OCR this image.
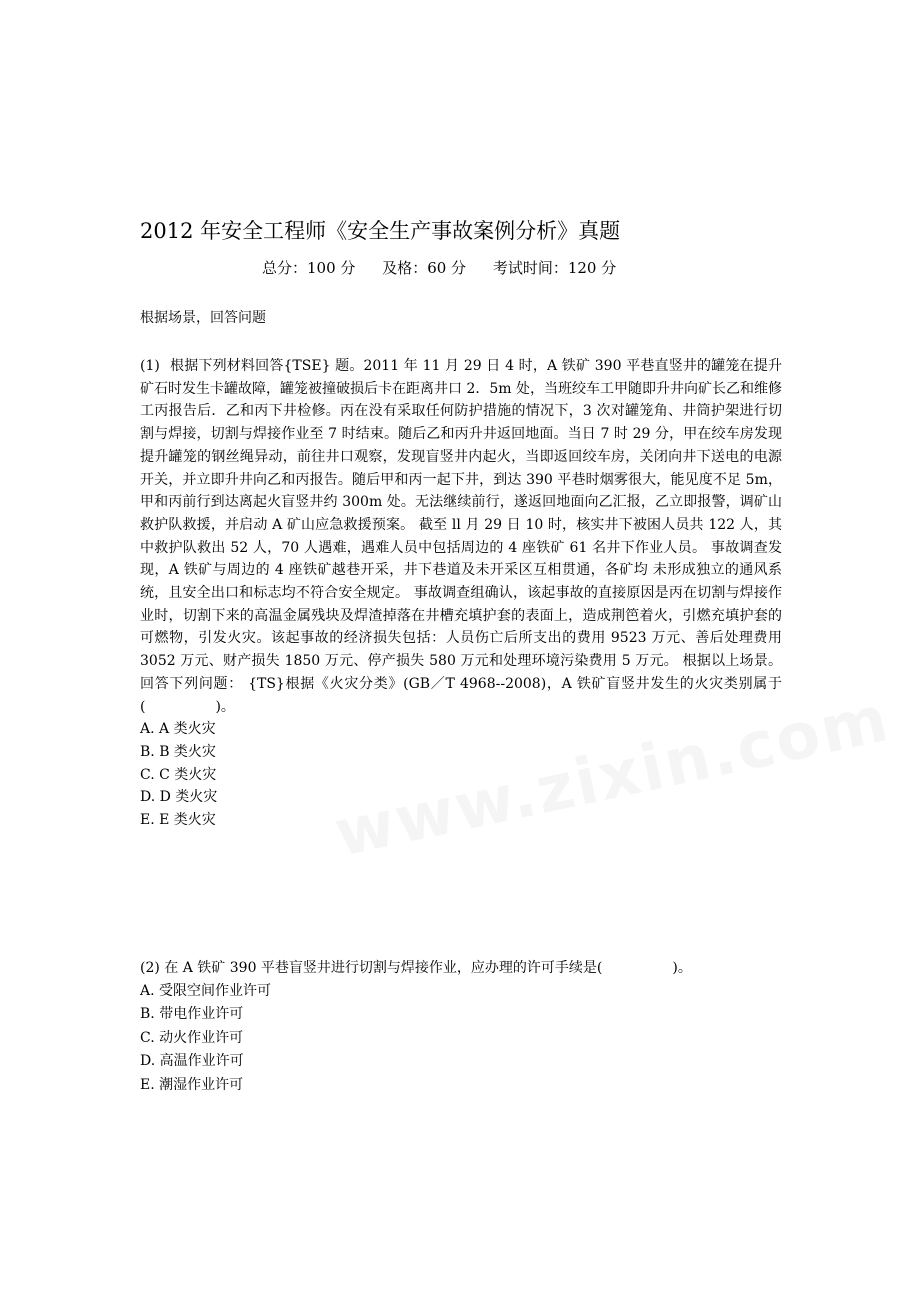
2012 年安全工程师《安全生产事故案例分析》真题
总分：100 分 及格：60 分 考试时间：120 分
根据场景，回答问题
(1) 根据下列材料回答{TSE} 题。2011 年 11 月 29 日 4 时，A 铁矿 390 平巷直竖井的罐笼在提升矿石时发生卡罐故障，罐笼被撞破损后卡在距离井口 2．5m 处，当班绞车工甲随即升井向矿长乙和维修工丙报告后．乙和丙下井检修。丙在没有采取任何防护措施的情况下，3 次对罐笼角、井筒护架进行切割与焊接，切割与焊接作业至 7 时结束。随后乙和丙升井返回地面。当日 7 时 29 分，甲在绞车房发现提升罐笼的钢丝绳异动，前往井口观察，发现盲竖井内起火，当即返回绞车房，关闭向井下送电的电源开关，并立即升井向乙和丙报告。随后甲和丙一起下井，到达 390 平巷时烟雾很大，能见度不足 5m，甲和丙前行到达离起火盲竖井约 300m 处。无法继续前行，遂返回地面向乙汇报，乙立即报警，调矿山救护队救援，并启动 A 矿山应急救援预案。 截至 ll 月 29 日 10 时，核实井下被困人员共 122 人，其中救护队救出 52 人，70 人遇难，遇难人员中包括周边的 4 座铁矿 61 名井下作业人员。 事故调查发现，A 铁矿与周边的 4 座铁矿越巷开采，井下巷道及未开采区互相贯通，各矿均 未形成独立的通风系统，且安全出口和标志均不符合安全规定。 事故调查组确认，该起事故的直接原因是丙在切割与焊接作业时，切割下来的高温金属残块及焊渣掉落在井槽充填护套的表面上，造成荆笆着火，引燃充填护套的可燃物，引发火灾。该起事故的经济损失包括：人员伤亡后所支出的费用 9523 万元、善后处理费用 3052 万元、财产损失 1850 万元、停产损失 580 万元和处理环境污染费用 5 万元。 根据以上场景。回答下列问题： {TS}根据《火灾分类》(GB／T 4968--2008)，A 铁矿盲竖井发生的火灾类别属于(　　　　　)。
A. A 类火灾
B. B 类火灾
C. C 类火灾
D. D 类火灾
E. E 类火灾
(2) 在 A 铁矿 390 平巷盲竖井进行切割与焊接作业，应办理的许可手续是(　　　　　)。
A. 受限空间作业许可
B. 带电作业许可
C. 动火作业许可
D. 高温作业许可
E. 潮湿作业许可
